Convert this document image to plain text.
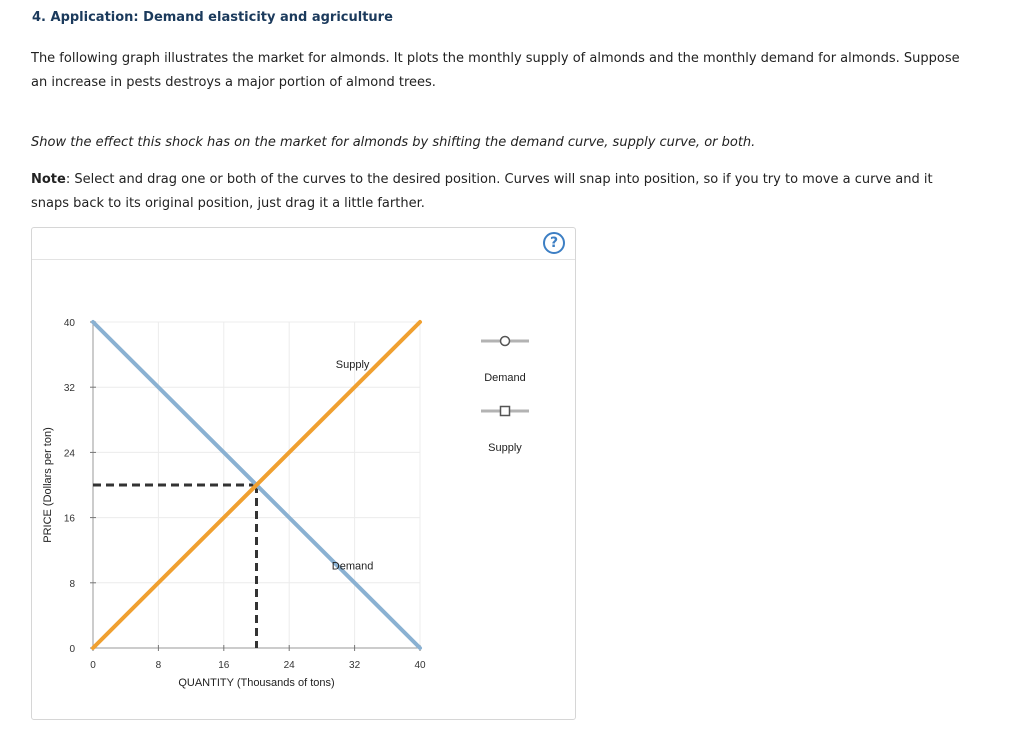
4. Application: Demand elasticity and agriculture
The following graph illustrates the market for almonds. It plots the monthly supply of almonds and the monthly demand for almonds. Suppose an increase in pests destroys a major portion of almond trees.
Show the effect this shock has on the market for almonds by shifting the demand curve, supply curve, or both.
Note: Select and drag one or both of the curves to the desired position. Curves will snap into position, so if you try to move a curve and it snaps back to its original position, just drag it a little farther.
?
0	8	16	24	32	40
0
8
16
24
32
40
QUANTITY (Thousands of tons)
PRICE (Dollars per ton)
Supply
Demand
Demand
Supply
